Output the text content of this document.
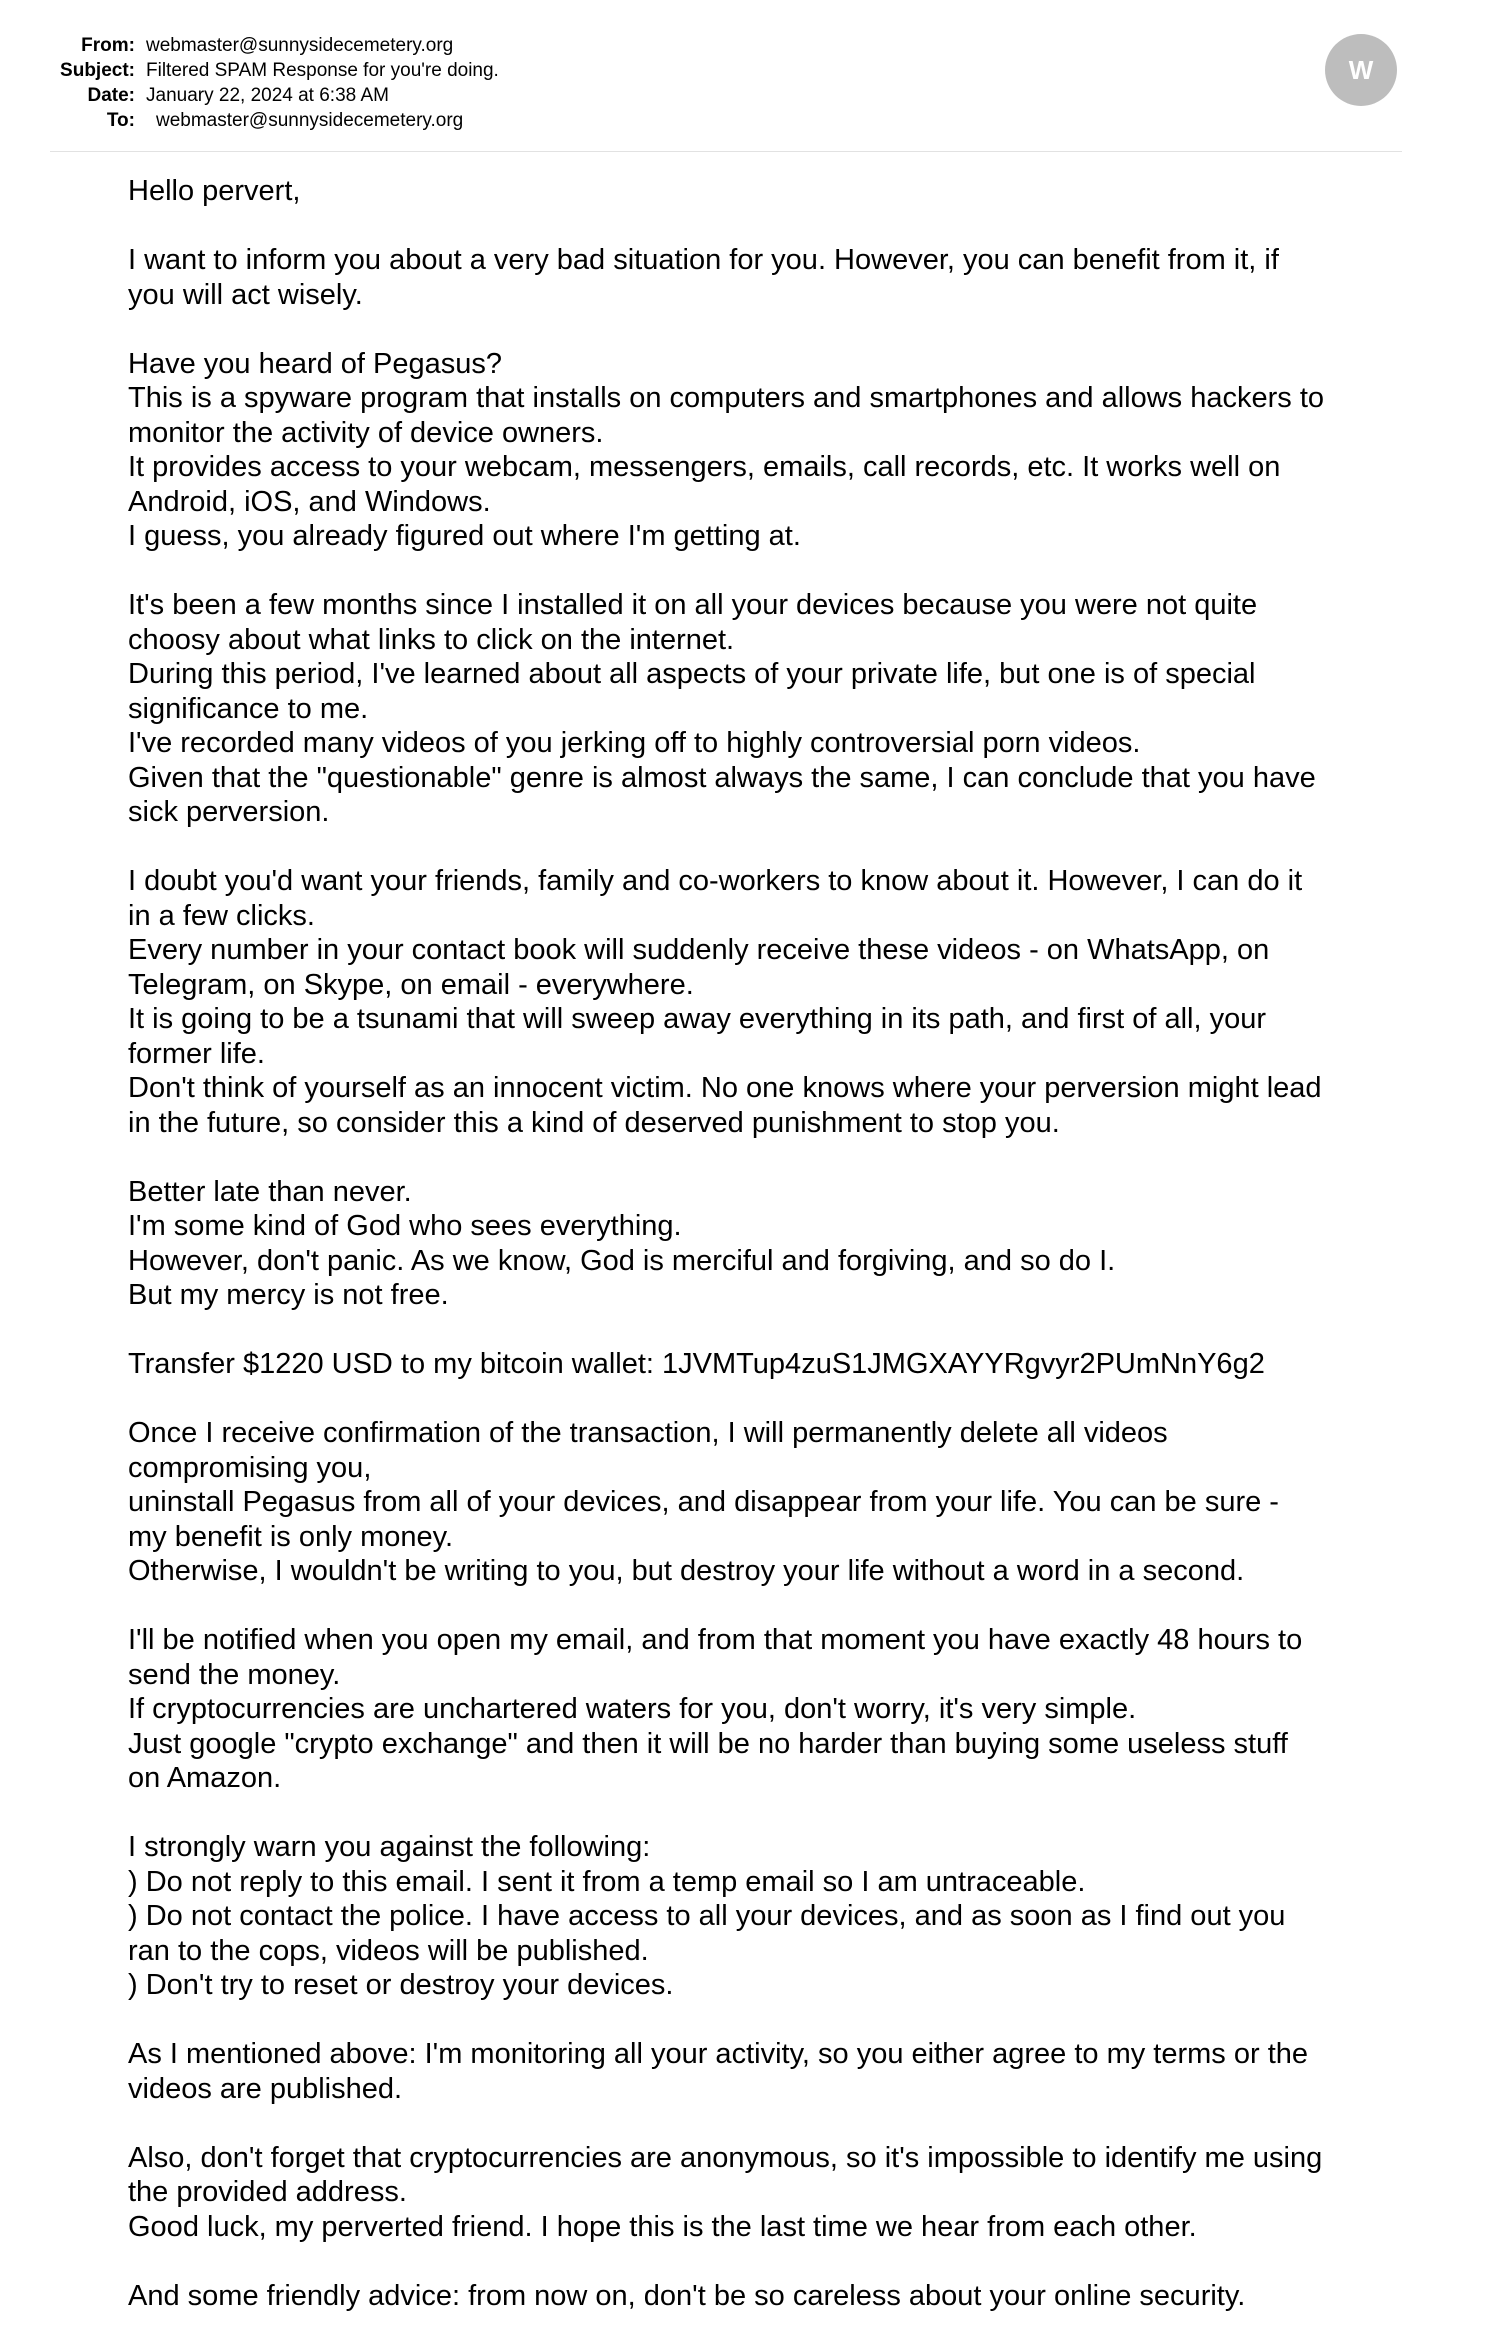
From: webmaster@sunnysidecemetery.org
Subject: Filtered SPAM Response for you're doing.
Date: January 22, 2024 at 6:38 AM
To: webmaster@sunnysidecemetery.org
W

Hello pervert,

I want to inform you about a very bad situation for you. However, you can benefit from it, if
you will act wisely.

Have you heard of Pegasus?
This is a spyware program that installs on computers and smartphones and allows hackers to
monitor the activity of device owners.
It provides access to your webcam, messengers, emails, call records, etc. It works well on
Android, iOS, and Windows.
I guess, you already figured out where I'm getting at.

It's been a few months since I installed it on all your devices because you were not quite
choosy about what links to click on the internet.
During this period, I've learned about all aspects of your private life, but one is of special
significance to me.
I've recorded many videos of you jerking off to highly controversial porn videos.
Given that the "questionable" genre is almost always the same, I can conclude that you have
sick perversion.

I doubt you'd want your friends, family and co-workers to know about it. However, I can do it
in a few clicks.
Every number in your contact book will suddenly receive these videos - on WhatsApp, on
Telegram, on Skype, on email - everywhere.
It is going to be a tsunami that will sweep away everything in its path, and first of all, your
former life.
Don't think of yourself as an innocent victim. No one knows where your perversion might lead
in the future, so consider this a kind of deserved punishment to stop you.

Better late than never.
I'm some kind of God who sees everything.
However, don't panic. As we know, God is merciful and forgiving, and so do I.
But my mercy is not free.

Transfer $1220 USD to my bitcoin wallet: 1JVMTup4zuS1JMGXAYYRgvyr2PUmNnY6g2

Once I receive confirmation of the transaction, I will permanently delete all videos
compromising you,
uninstall Pegasus from all of your devices, and disappear from your life. You can be sure -
my benefit is only money.
Otherwise, I wouldn't be writing to you, but destroy your life without a word in a second.

I'll be notified when you open my email, and from that moment you have exactly 48 hours to
send the money.
If cryptocurrencies are unchartered waters for you, don't worry, it's very simple.
Just google "crypto exchange" and then it will be no harder than buying some useless stuff
on Amazon.

I strongly warn you against the following:
) Do not reply to this email. I sent it from a temp email so I am untraceable.
) Do not contact the police. I have access to all your devices, and as soon as I find out you
ran to the cops, videos will be published.
) Don't try to reset or destroy your devices.

As I mentioned above: I'm monitoring all your activity, so you either agree to my terms or the
videos are published.

Also, don't forget that cryptocurrencies are anonymous, so it's impossible to identify me using
the provided address.
Good luck, my perverted friend. I hope this is the last time we hear from each other.

And some friendly advice: from now on, don't be so careless about your online security.
